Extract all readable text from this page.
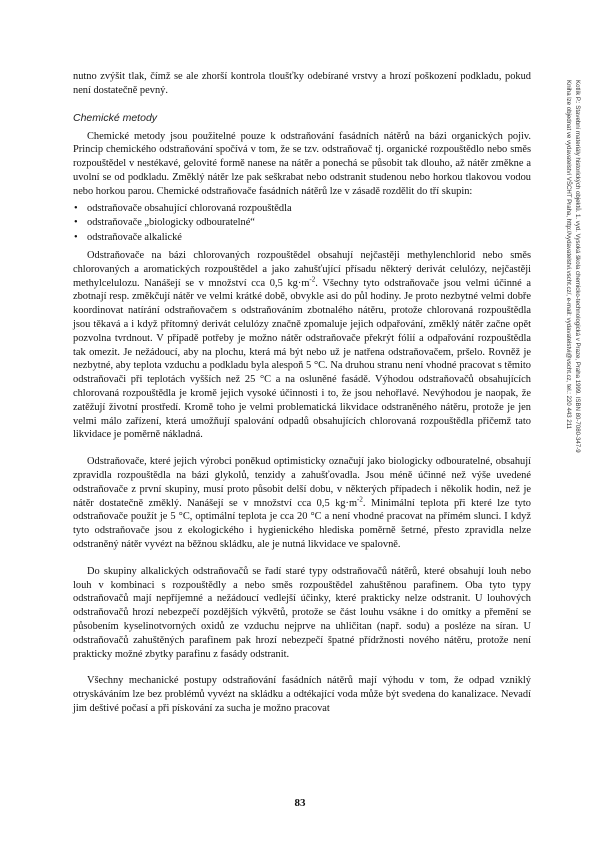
nutno zvýšit tlak, čímž se ale zhorší kontrola tloušťky odebírané vrstvy a hrozí poškození podkladu, pokud není dostatečně pevný.

Chemické metody

Chemické metody jsou použitelné pouze k odstraňování fasádních nátěrů na bázi organických pojiv. Princip chemického odstraňování spočívá v tom, že se tzv. odstraňovač tj. organické rozpouštědlo nebo směs rozpouštědel v nestékavé, gelovité formě nanese na nátěr a ponechá se působit tak dlouho, až nátěr změkne a uvolní se od podkladu. Změklý nátěr lze pak seškrabat nebo odstranit studenou nebo horkou tlakovou vodou nebo horkou parou. Chemické odstraňovače fasádních nátěrů lze v zásadě rozdělit do tří skupin:

• odstraňovače obsahující chlorovaná rozpouštědla
• odstraňovače „biologicky odbouratelné“
• odstraňovače alkalické

Odstraňovače na bázi chlorovaných rozpouštědel obsahují nejčastěji methylenchlorid nebo směs chlorovaných a aromatických rozpouštědel a jako zahušťující přísadu některý derivát celulózy, nejčastěji methylcelulozu. Nanášejí se v množství cca 0,5 $kg\cdot m^{-2}$. Všechny tyto odstraňovače jsou velmi účinné a zbotnají resp. změkčují nátěr ve velmi krátké době, obvykle asi do půl hodiny. Je proto nezbytné velmi dobře koordinovat natírání odstraňovačem s odstraňováním zbotnalého nátěru, protože chlorovaná rozpouštědla jsou těkavá a i když přítomný derivát celulózy značně zpomaluje jejich odpařování, změklý nátěr začne opět pozvolna tvrdnout. V případě potřeby je možno nátěr odstraňovače překrýt fólií a odpařování rozpouštědla tak omezit. Je nežádoucí, aby na plochu, která má být nebo už je natřena odstraňovačem, pršelo. Rovněž je nezbytné, aby teplota vzduchu a podkladu byla alespoň 5 °C. Na druhou stranu není vhodné pracovat s těmito odstraňovači při teplotách vyšších než 25 °C a na osluněné fasádě. Výhodou odstraňovačů obsahujících chlorovaná rozpouštědla je kromě jejich vysoké účinnosti i to, že jsou nehořlavé. Nevýhodou je naopak, že zatěžují životní prostředí. Kromě toho je velmi problematická likvidace odstraněného nátěru, protože je jen velmi málo zařízení, která umožňují spalování odpadů obsahujících chlorovaná rozpouštědla přičemž tato likvidace je poměrně nákladná.

Odstraňovače, které jejich výrobci poněkud optimisticky označují jako biologicky odbouratelné, obsahují zpravidla rozpouštědla na bázi glykolů, tenzidy a zahušťovadla. Jsou méně účinné než výše uvedené odstraňovače z první skupiny, musí proto působit delší dobu, v některých případech i několik hodin, než je nátěr dostatečně změklý. Nanášejí se v množství cca 0,5 $kg\cdot m^{-2}$. Minimální teplota při které lze tyto odstraňovače použít je 5 °C, optimální teplota je cca 20 °C a není vhodné pracovat na přímém slunci. I když tyto odstraňovače jsou z ekologického i hygienického hlediska poměrně šetrné, přesto zpravidla nelze odstraněný nátěr vyvézt na běžnou skládku, ale je nutná likvidace ve spalovně.

Do skupiny alkalických odstraňovačů se řadí staré typy odstraňovačů nátěrů, které obsahují louh nebo louh v kombinaci s rozpouštědly a nebo směs rozpouštědel zahuštěnou parafinem. Oba tyto typy odstraňovačů mají nepříjemné a nežádoucí vedlejší účinky, které prakticky nelze odstranit. U louhových odstraňovačů hrozí nebezpečí pozdějších výkvětů, protože se část louhu vsákne i do omítky a přemění se působením kyselinotvorných oxidů ze vzduchu nejprve na uhličitan (např. sodu) a posléze na síran. U odstraňovačů zahuštěných parafinem pak hrozí nebezpečí špatné přídržnosti nového nátěru, protože není prakticky možné zbytky parafinu z fasády odstranit.

Všechny mechanické postupy odstraňování fasádních nátěrů mají výhodu v tom, že odpad vzniklý otryskáváním lze bez problémů vyvézt na skládku a odtékající voda může být svedena do kanalizace. Nevadí jim deštivé počasí a při pískování za sucha je možno pracovat

Kotlík P.: Stavební materiály historických objektů. 1. vyd. Vysoká škola chemicko-technologická v Praze, Praha 1999. ISBN 80-7080-347-9
Kniha lze objednat ve vydavatelství VŠCHT Praha, http://vydavatelstvi.vscht.cz/, e-mail: vydavatelstvi@vscht.cz, tel.: 220 443 211
83
